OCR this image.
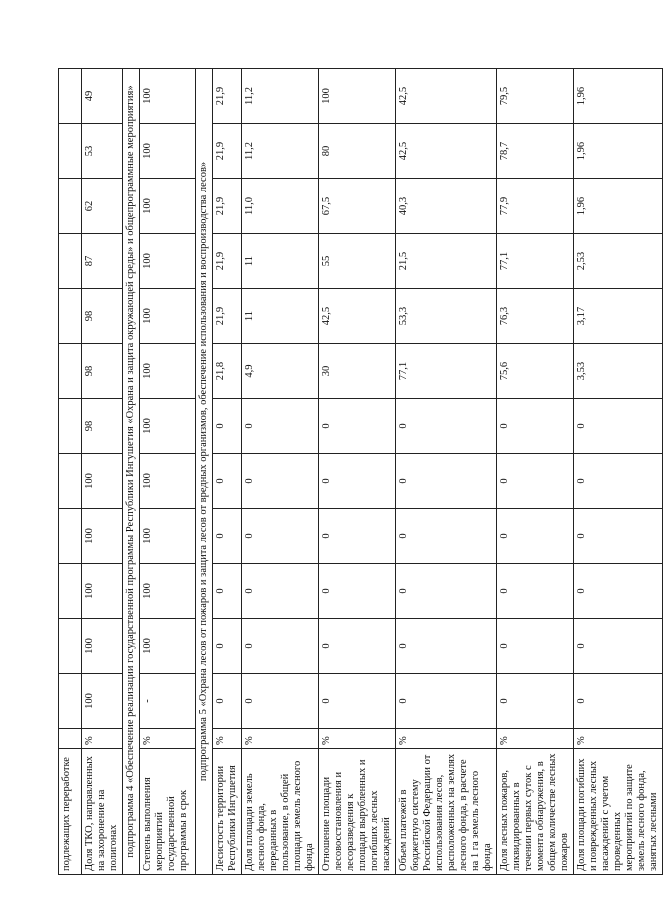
подлежащих переработке													
Доля ТКО, направленных на захоронение на полигонах	%	100	100	100	100	100	98	98	98	87	62	53	49
подпрограмма 4 «Обеспечение реализации государственной программы Республики Ингушетия «Охрана и защита окружающей среды» и общепрограммные мероприятия»													
Степень выполнения мероприятий государственной программы в срок	%	-	100	100	100	100	100	100	100	100	100	100	100
подпрограмма 5 «Охрана лесов от пожаров и защита лесов от вредных организмов, обеспечение использования и воспроизводства лесов»													
Лесистость территории Республики Ингушетия	%	0	0	0	0	0	0	21,8	21,9	21,9	21,9	21,9	21,9
Доля площади земель лесного фонда, переданных в пользование, в общей площади земель лесного фонда	%	0	0	0	0	0	0	4,9	11	11	11,0	11,2	11,2
Отношение площади лесовосстановления и лесоразведения к площади вырубленных и погибших лесных насаждений	%	0	0	0	0	0	0	30	42,5	55	67,5	80	100
Объем платежей в бюджетную систему Российской Федерации от использования лесов, расположенных на землях лесного фонда, в расчете на 1 га земель лесного фонда	%	0	0	0	0	0	0	77,1	53,3	21,5	40,3	42,5	42,5
Доля лесных пожаров, ликвидированных в течении первых суток с момента обнаружения, в общем количестве лесных пожаров	%	0	0	0	0	0	0	75,6	76,3	77,1	77,9	78,7	79,5
Доля площади погибших и поврежденных лесных насаждений с учетом проведенных мероприятий по защите земель лесного фонда, занятых лесными	%	0	0	0	0	0	0	3,53	3,17	2,53	1,96	1,96	1,96
